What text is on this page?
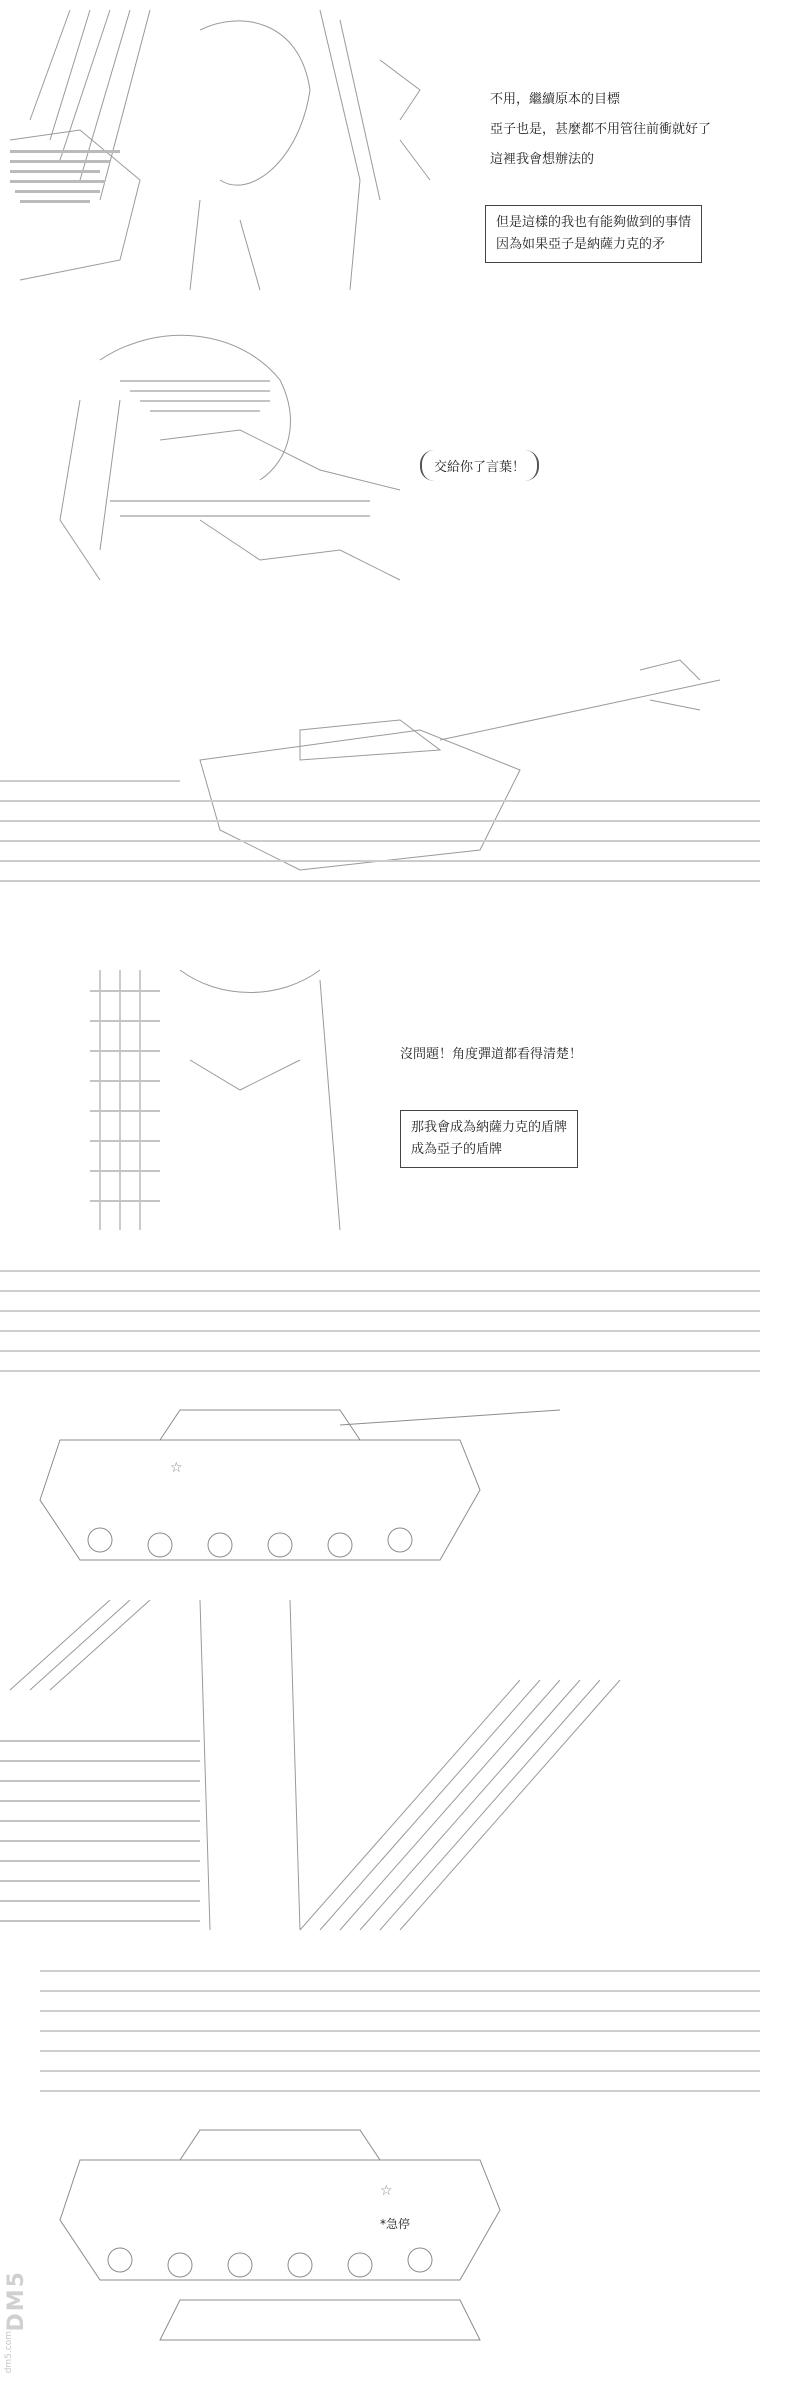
不用，繼續原本的目標
亞子也是，甚麼都不用管往前衝就好了
這裡我會想辦法的
但是這樣的我也有能夠做到的事情
因為如果亞子是納薩力克的矛
交給你了言葉！
沒問題！角度彈道都看得清楚！
那我會成為納薩力克的盾牌
成為亞子的盾牌
☆
☆
*急停
DM5
dm5.com
